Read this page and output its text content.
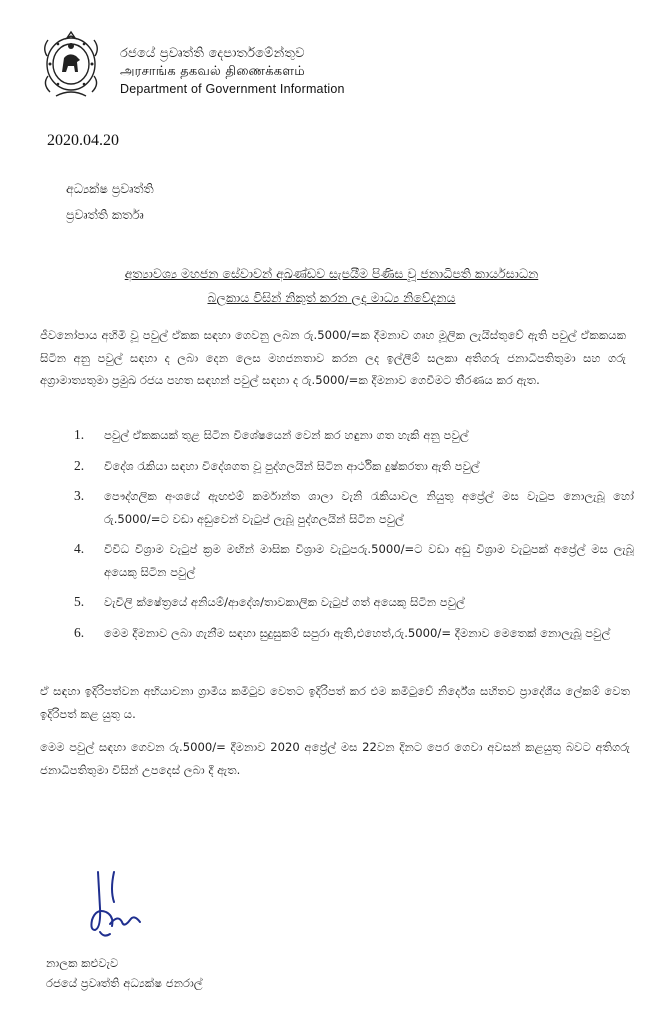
රජයේ ප්‍රවෘත්ති දෙපාර්තමේන්තුව
அரசாங்க தகவல் திணைக்களம்
Department of Government Information
2020.04.20
අධ්‍යක්ෂ ප්‍රවෘත්ති
ප්‍රවෘත්ති කර්තෘ
අත්‍යාවශ්‍ය මහජන සේවාවන් අඛණ්ඩව සැපයීම පිණිස වූ ජනාධිපති කාර්යසාධන
බලකාය විසින් නිකුත් කරන ලද මාධ්‍ය නිවේදනය

ජීවනෝපාය අහිමි වූ පවුල් ඒකක සඳහා ගෙවනු ලබන රු.5000/=ක දීමනාව ගෘහ මූලික ලැයිස්තුවේ ඇති පවුල් ඒකකයක සිටින අනු පවුල් සඳහා ද ලබා දෙන ලෙස මහජනතාව කරන ලද ඉල්ලීම් සලකා අතිගරු ජනාධිපතිතුමා සහ ගරු අග්‍රාමාත්‍යතුමා ප්‍රමුඛ රජය පහත සඳහන් පවුල් සඳහා ද රු.5000/=ක දීමනාව ගෙවීමට තීරණය කර ඇත.

1. පවුල් ඒකකයක් තුළ සිටින විශේෂයෙන් වෙන් කර හඳුනා ගත හැකි අනු පවුල්
2. විදේශ රැකියා සඳහා විදේශගත වූ පුද්ගලයින් සිටින ආර්ථික දුෂ්කරතා ඇති පවුල්
3. පෞද්ගලික අංශයේ ඇඟළුම් කර්මාන්ත ශාලා වැනි රැකියාවල නියුතු අප්‍රේල් මස වැටුප නොලැබූ හෝ රු.5000/=ට වඩා අඩුවෙන් වැටුප් ලැබූ පුද්ගලයින් සිටින පවුල්
4. විවිධ විශ්‍රාම වැටුප් ක්‍රම මඟින් මාසික විශ්‍රාම වැටුපරු.5000/=ට වඩා අඩු විශ්‍රාම වැටුපක් අප්‍රේල් මස ලැබූ අයෙකු සිටින පවුල්
5. වැවිලි ක්ෂේත්‍රයේ අනියම්/ආදේශ/තාවකාලික වැටුප් ගත් අයෙකු සිටින පවුල්
6. මෙම දීමනාව ලබා ගැනීම සඳහා සුදුසුකම් සපුරා ඇති,එහෙත්,රු.5000/= දීමනාව මෙතෙක් නොලැබූ පවුල්

ඒ සඳහා ඉදිරිපත්වන අභියාචනා ග්‍රාමීය කමිටුව වෙතට ඉදිරිපත් කර එම කමිටුවේ නිර්දේශ සහිතව ප්‍රාදේශීය ලේකම් වෙත ඉදිරිපත් කළ යුතු ය.

මෙම පවුල් සඳහා ගෙවන රු.5000/= දීමනාව 2020 අප්‍රේල් මස 22වන දිනට පෙර ගෙවා අවසන් කළයුතු බවට අතිගරු ජනාධිපතිතුමා විසින් උපදෙස් ලබා දී ඇත.

නාලක කළුවැව
රජයේ ප්‍රවෘත්ති අධ්‍යක්ෂ ජනරාල්
